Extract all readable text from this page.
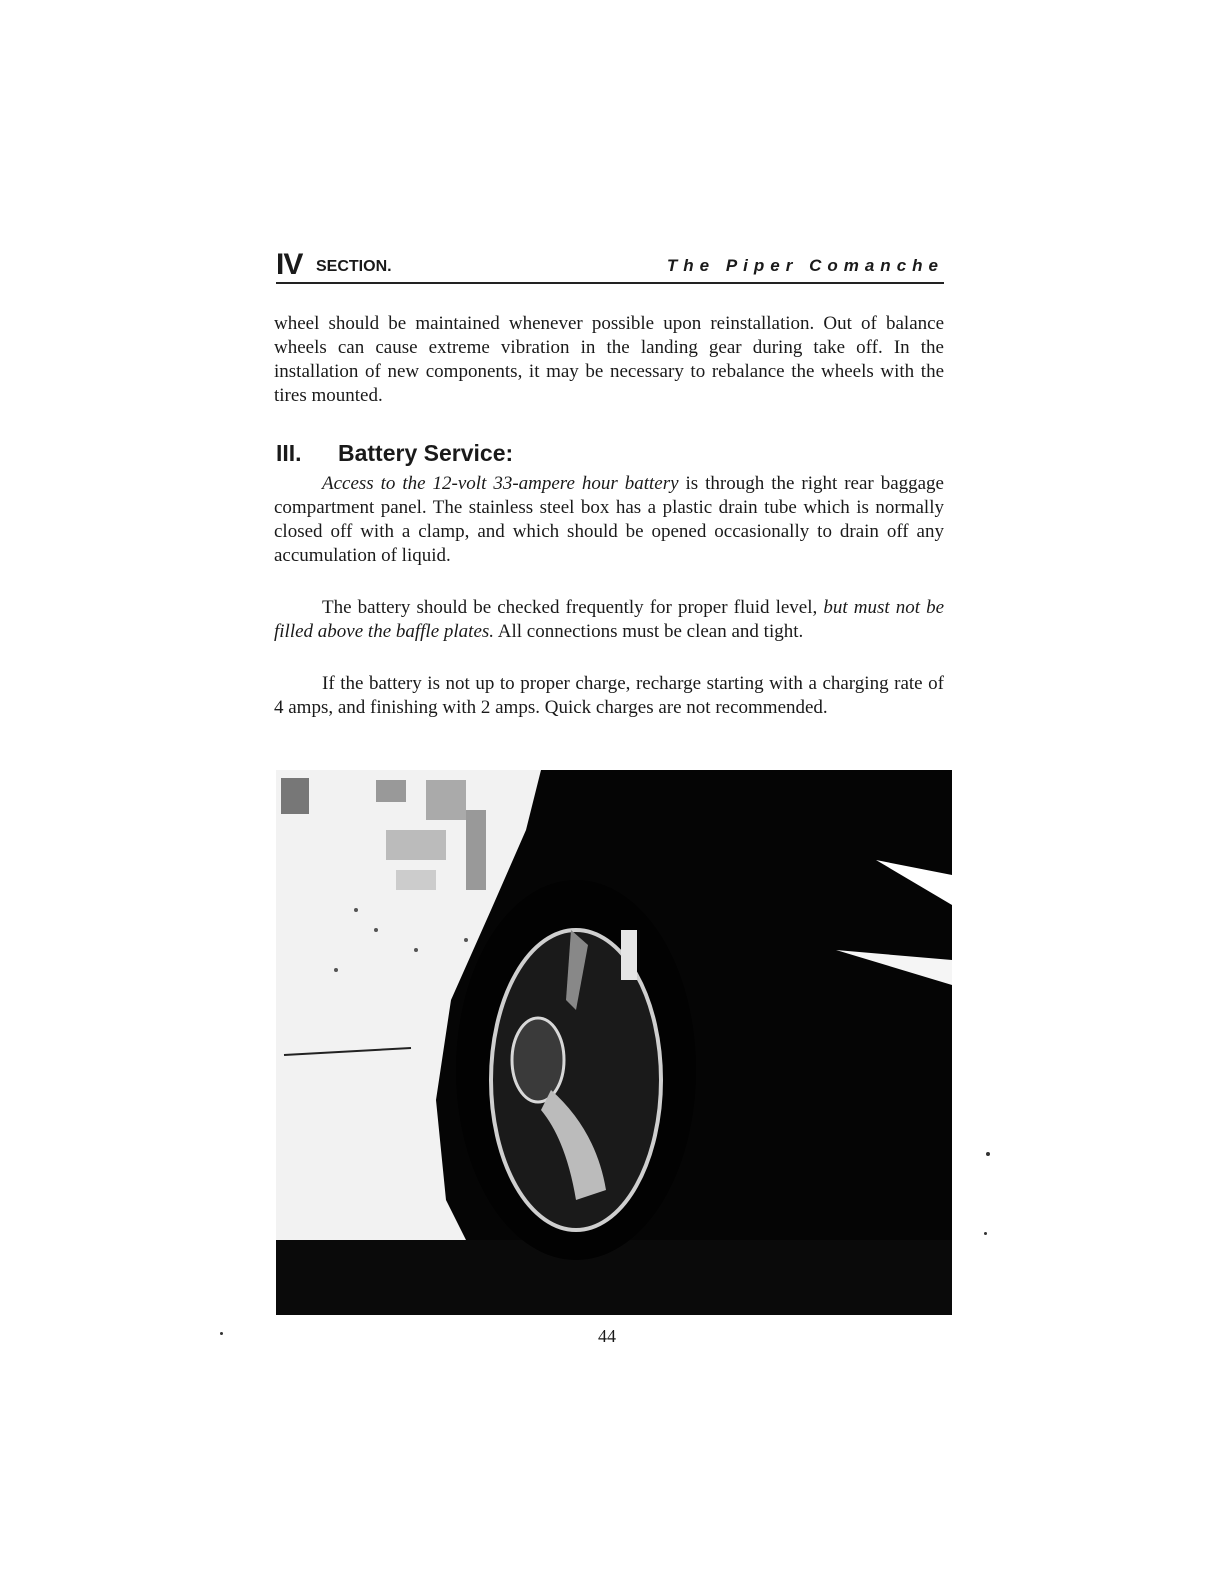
IV SECTION.	The Piper Comanche

wheel should be maintained whenever possible upon reinstallation. Out of balance wheels can cause extreme vibration in the landing gear during take off. In the installation of new components, it may be necessary to rebalance the wheels with the tires mounted.

III. Battery Service:

Access to the 12-volt 33-ampere hour battery is through the right rear baggage compartment panel. The stainless steel box has a plastic drain tube which is normally closed off with a clamp, and which should be opened occasionally to drain off any accumulation of liquid.

The battery should be checked frequently for proper fluid level, but must not be filled above the baffle plates. All connections must be clean and tight.

If the battery is not up to proper charge, recharge starting with a charging rate of 4 amps, and finishing with 2 amps. Quick charges are not recommended.

44
